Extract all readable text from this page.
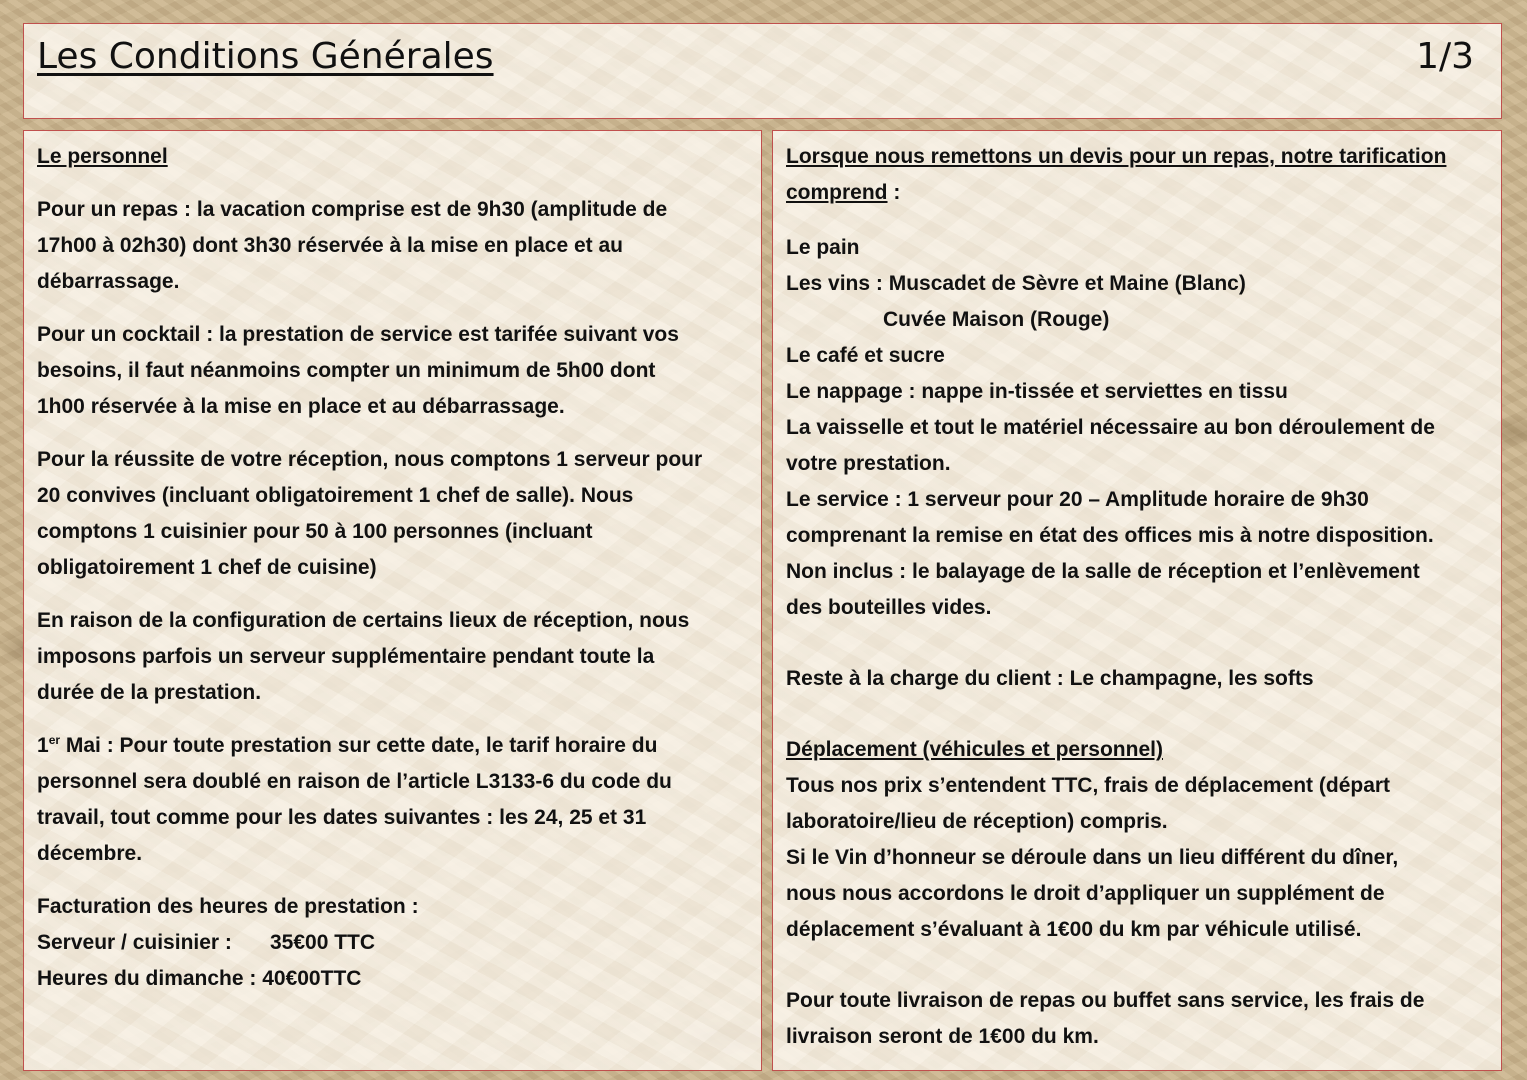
Les Conditions Générales	1/3

Le personnel

Pour un repas : la vacation comprise est de 9h30 (amplitude de

17h00 à 02h30) dont 3h30 réservée à la mise en place et au

débarrassage.

Pour un cocktail : la prestation de service est tarifée suivant vos

besoins, il faut néanmoins compter un minimum de 5h00 dont

1h00 réservée à la mise en place et au débarrassage.

Pour la réussite de votre réception, nous comptons 1 serveur pour

20 convives (incluant obligatoirement 1 chef de salle). Nous

comptons 1 cuisinier pour 50 à 100 personnes (incluant

obligatoirement 1 chef de cuisine)

En raison de la configuration de certains lieux de réception, nous

imposons parfois un serveur supplémentaire pendant toute la

durée de la prestation.

1er Mai : Pour toute prestation sur cette date, le tarif horaire du

personnel sera doublé en raison de l’article L3133-6 du code du

travail, tout comme pour les dates suivantes : les 24, 25 et 31

décembre.

Facturation des heures de prestation :

Serveur / cuisinier : 35€00 TTC

Heures du dimanche : 40€00TTC

Lorsque nous remettons un devis pour un repas, notre tarification

comprend :

Le pain

Les vins : Muscadet de Sèvre et Maine (Blanc)

Cuvée Maison (Rouge)

Le café et sucre

Le nappage : nappe in-tissée et serviettes en tissu

La vaisselle et tout le matériel nécessaire au bon déroulement de

votre prestation.

Le service : 1 serveur pour 20 – Amplitude horaire de 9h30

comprenant la remise en état des offices mis à notre disposition.

Non inclus : le balayage de la salle de réception et l’enlèvement

des bouteilles vides.

Reste à la charge du client : Le champagne, les softs

Déplacement (véhicules et personnel)

Tous nos prix s’entendent TTC, frais de déplacement (départ

laboratoire/lieu de réception) compris.

Si le Vin d’honneur se déroule dans un lieu différent du dîner,

nous nous accordons le droit d’appliquer un supplément de

déplacement s’évaluant à 1€00 du km par véhicule utilisé.

Pour toute livraison de repas ou buffet sans service, les frais de

livraison seront de 1€00 du km.
